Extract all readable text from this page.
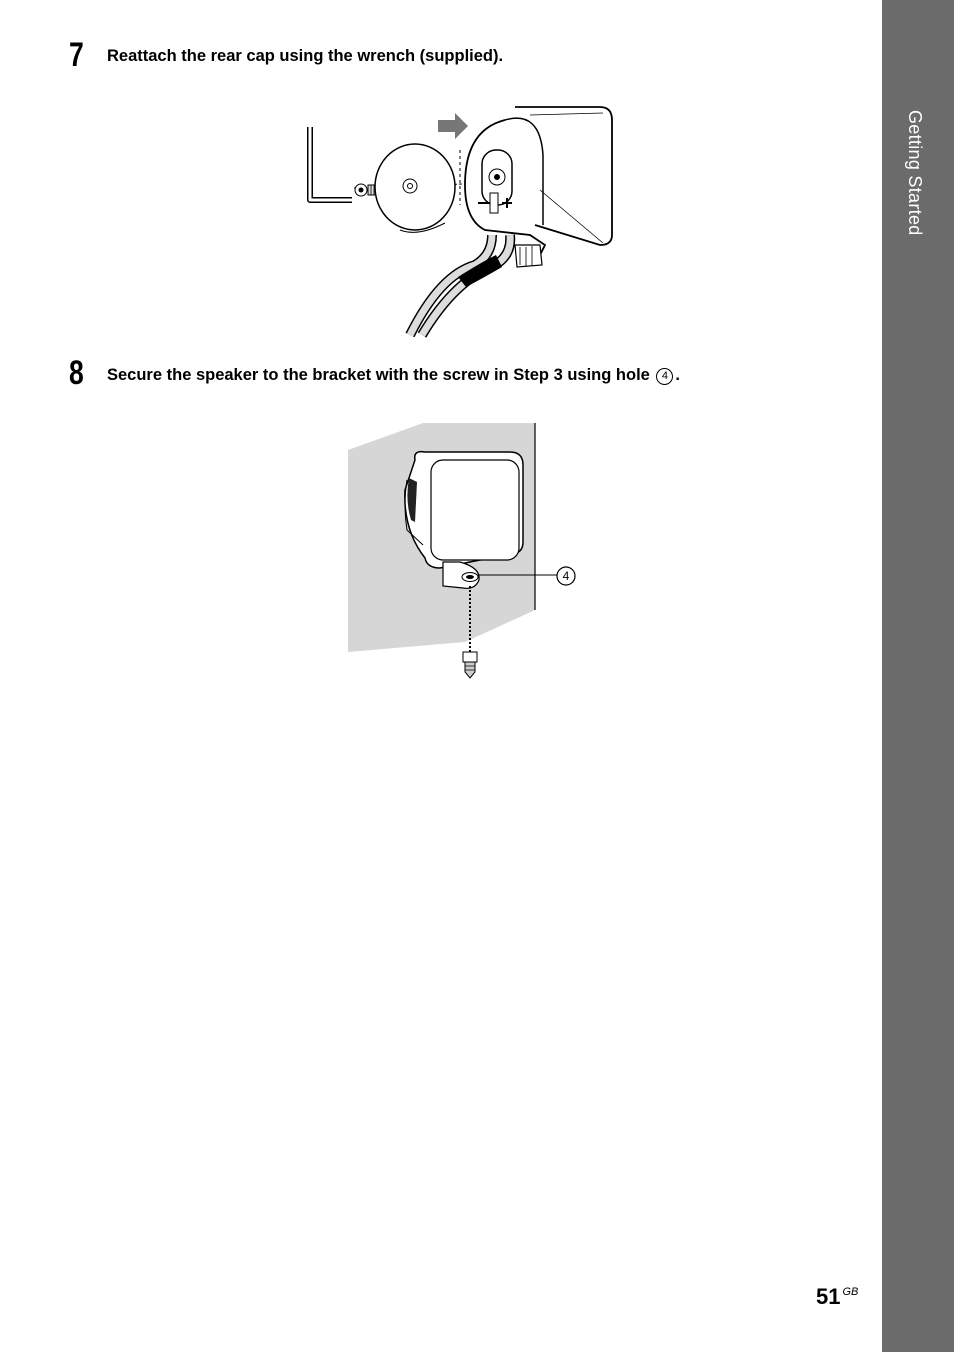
Getting Started
7 Reattach the rear cap using the wrench (supplied).
8 Secure the speaker to the bracket with the screw in Step 3 using hole 4 .
4
51 $^{GB}$
